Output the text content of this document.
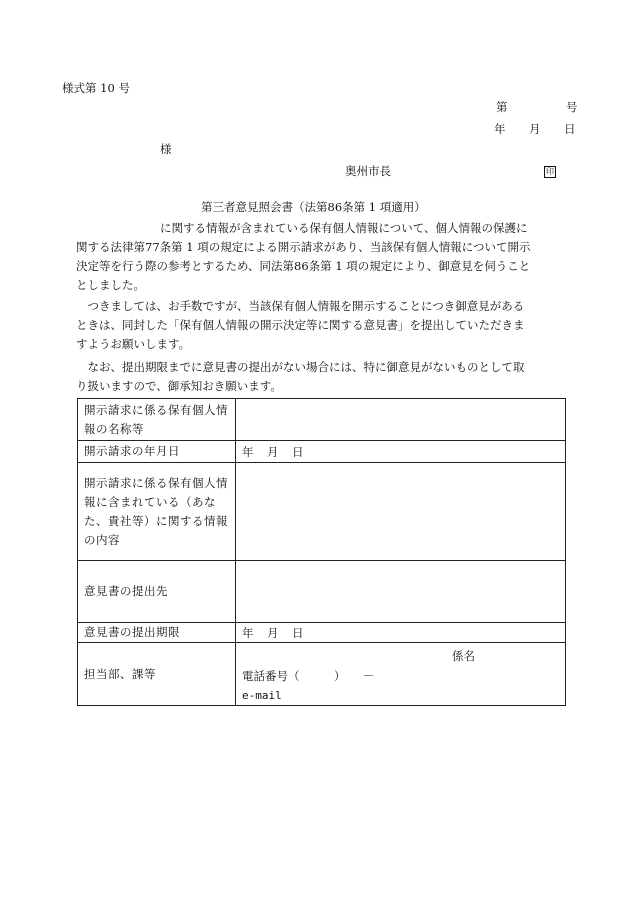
様式第 10 号
第　　　号
年　月　日
様
奥州市長	印
第三者意見照会書（法第86条第 1 項適用）
に関する情報が含まれている保有個人情報について、個人情報の保護に
関する法律第77条第 1 項の規定による開示請求があり、当該保有個人情報について開示
決定等を行う際の参考とするため、同法第86条第 1 項の規定により、御意見を伺うこと
としました。
　つきましては、お手数ですが、当該保有個人情報を開示することにつき御意見がある
ときは、同封した「保有個人情報の開示決定等に関する意見書」を提出していただきま
すようお願いします。
　なお、提出期限までに意見書の提出がない場合には、特に御意見がないものとして取
り扱いますので、御承知おき願います。
開示請求に係る保有個人情報の名称等	
開示請求の年月日	年　月　日
開示請求に係る保有個人情報に含まれている（あなた、貴社等）に関する情報の内容	
意見書の提出先	
意見書の提出期限	年　月　日
担当部、課等	係名
電話番号（　　　）　　－
e-mail
